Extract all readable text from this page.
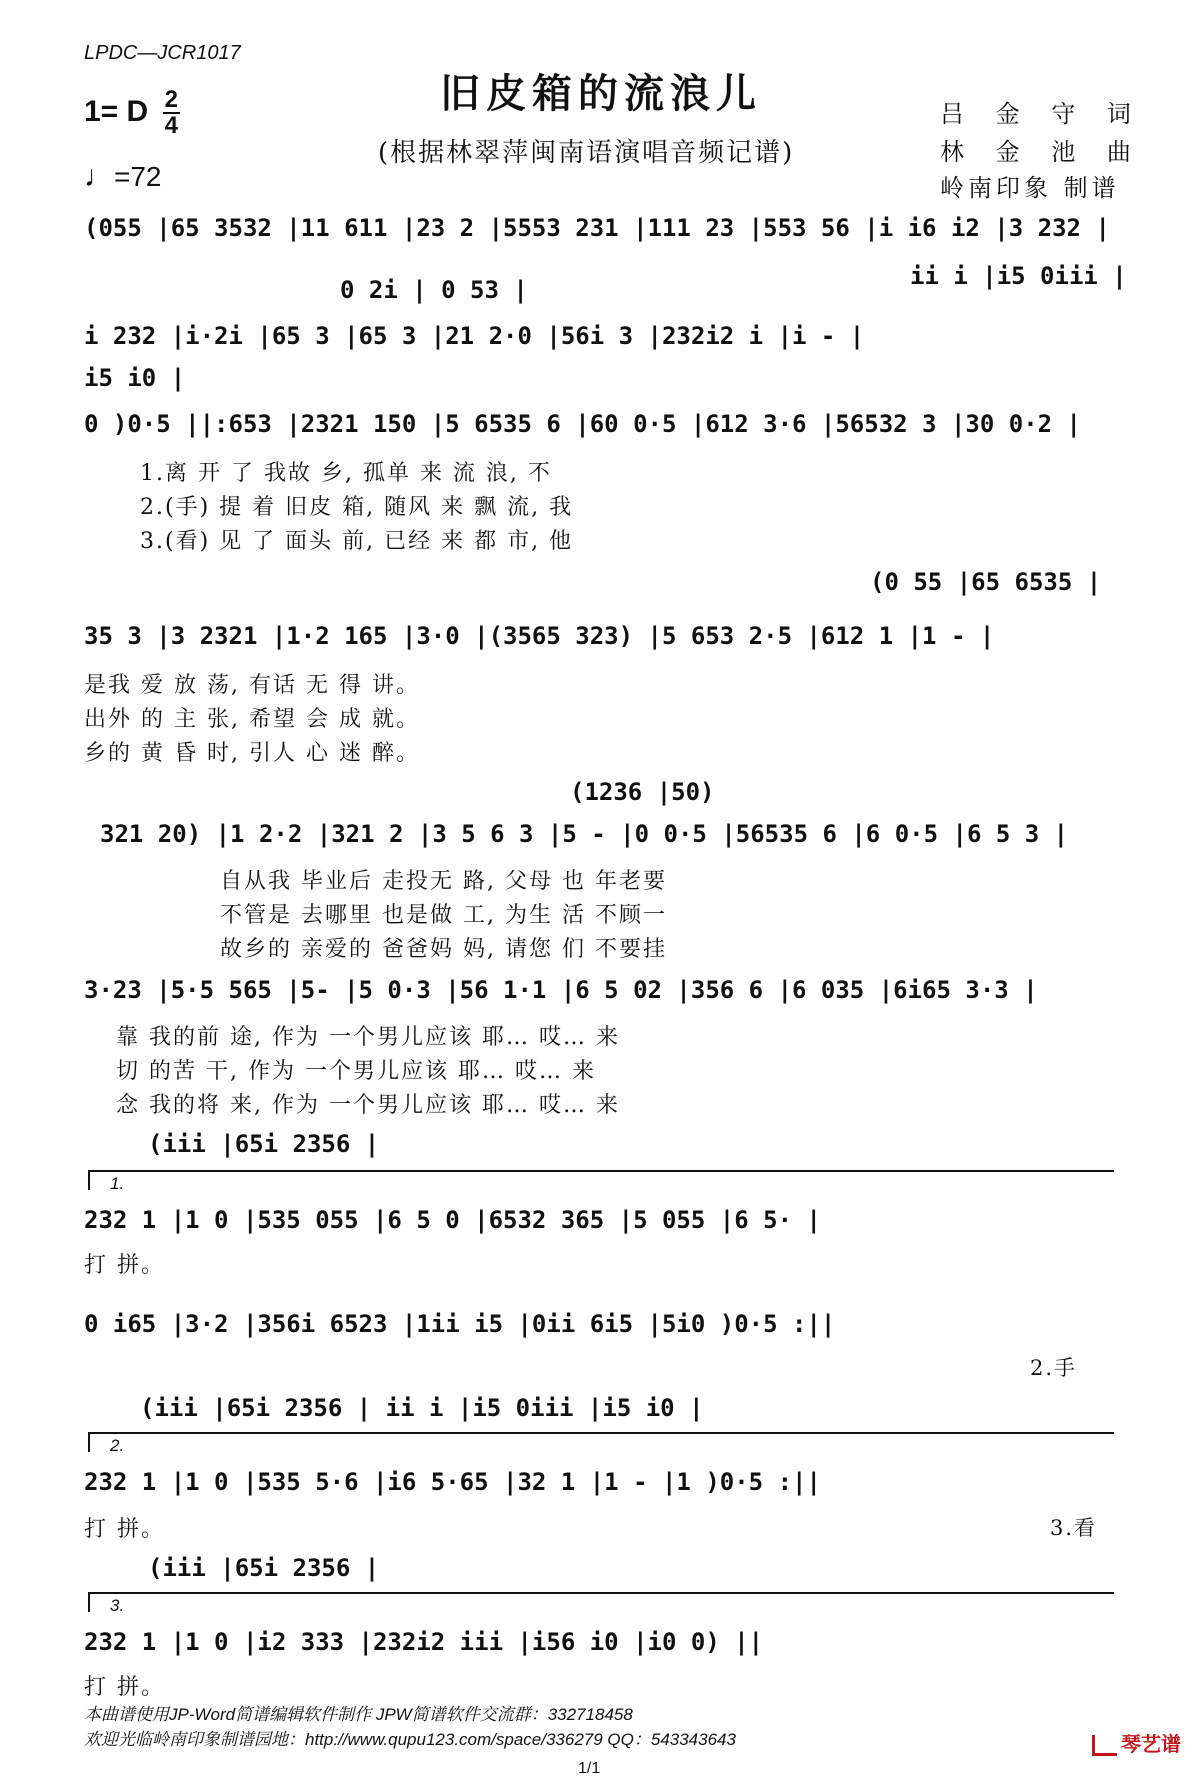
LPDC—JCR1017
旧皮箱的流浪儿
(根据林翠萍闽南语演唱音频记谱)
1= D $\frac{2}{4}$
♩=72
吕 金 守 词
林 金 池 曲
岭南印象 制谱
(055 |65 3532 |11 611 |23 2 |5553 231 |111 23 |553 56 |i i6 i2 |3 232 |
0 2i | 0 53 |	ii i |i5 0iii |
i 232 |i·2i |65 3 |65 3 |21 2·0 |56i 3 |232i2 i |i - |
i5 i0 |
0 )0·5 ||:653 |2321 150 |5 6535 6 |60 0·5 |612 3·6 |56532 3 |30 0·2 |
1.离 开 了 我故 乡, 孤单 来 流 浪, 不
2.(手) 提 着 旧皮 箱, 随风 来 飘 流, 我
3.(看) 见 了 面头 前, 已经 来 都 市, 他
(0 55 |65 6535 |
35 3 |3 2321 |1·2 165 |3·0 |(3565 323) |5 653 2·5 |612 1 |1 - |
是我 爱 放 荡, 有话 无 得 讲。
出外 的 主 张, 希望 会 成 就。
乡的 黄 昏 时, 引人 心 迷 醉。
(1236 |50)
321 20) |1 2·2 |321 2 |3 5 6 3 |5 - |0 0·5 |56535 6 |6 0·5 |6 5 3 |
自从我 毕业后 走投无 路, 父母 也 年老要
不管是 去哪里 也是做 工, 为生 活 不顾一
故乡的 亲爱的 爸爸妈 妈, 请您 们 不要挂
3·23 |5·5 565 |5- |5 0·3 |56 1·1 |6 5 02 |356 6 |6 035 |6i65 3·3 |
靠 我的前 途, 作为 一个男儿应该 耶… 哎… 来
切 的苦 干, 作为 一个男儿应该 耶… 哎… 来
念 我的将 来, 作为 一个男儿应该 耶… 哎… 来
(iii |65i 2356 |
1.
232 1 |1 0 |535 055 |6 5 0 |6532 365 |5 055 |6 5· |
打 拼。
0 i65 |3·2 |356i 6523 |1ii i5 |0ii 6i5 |5i0 )0·5 :||
2.手
(iii |65i 2356 | ii i |i5 0iii |i5 i0 |
2.
232 1 |1 0 |535 5·6 |i6 5·65 |32 1 |1 - |1 )0·5 :||
打 拼。	3.看
(iii |65i 2356 |
3.
232 1 |1 0 |i2 333 |232i2 iii |i56 i0 |i0 0) ||
打 拼。
本曲谱使用JP-Word简谱编辑软件制作 JPW简谱软件交流群：332718458
欢迎光临岭南印象制谱园地：http://www.qupu123.com/space/336279 QQ：543343643
1/1
琴艺谱
